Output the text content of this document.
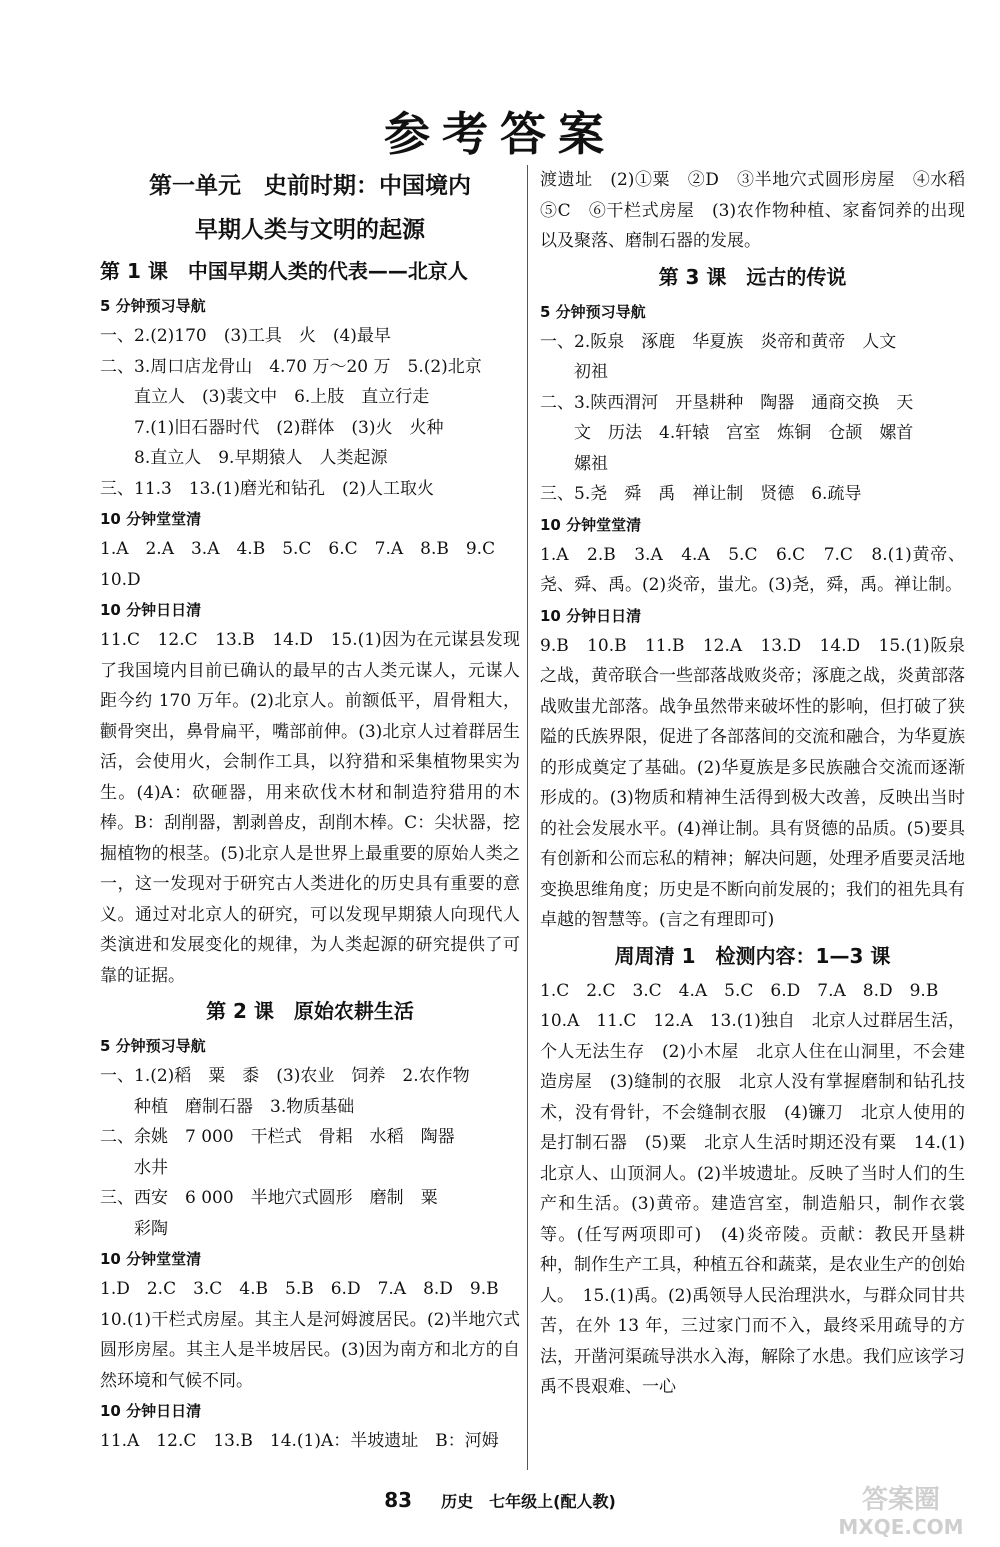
参考答案
第一单元　史前时期：中国境内
早期人类与文明的起源
第 1 课　中国早期人类的代表——北京人
5 分钟预习导航
一、2.(2)170　(3)工具　火　(4)最早
二、3.周口店龙骨山　4.70 万～20 万　5.(2)北京
　　直立人　(3)裴文中　6.上肢　直立行走
　　7.(1)旧石器时代　(2)群体　(3)火　火种
　　8.直立人　9.早期猿人　人类起源
三、11.3　13.(1)磨光和钻孔　(2)人工取火
10 分钟堂堂清
1.A　2.A　3.A　4.B　5.C　6.C　7.A　8.B　9.C
10.D
10 分钟日日清
11.C　12.C　13.B　14.D　15.(1)因为在元谋县发现了我国境内目前已确认的最早的古人类元谋人，元谋人距今约 170 万年。(2)北京人。前额低平，眉骨粗大，颧骨突出，鼻骨扁平，嘴部前伸。(3)北京人过着群居生活，会使用火，会制作工具，以狩猎和采集植物果实为生。(4)A：砍砸器，用来砍伐木材和制造狩猎用的木棒。B：刮削器，割剥兽皮，刮削木棒。C：尖状器，挖掘植物的根茎。(5)北京人是世界上最重要的原始人类之一，这一发现对于研究古人类进化的历史具有重要的意义。通过对北京人的研究，可以发现早期猿人向现代人类演进和发展变化的规律，为人类起源的研究提供了可靠的证据。
第 2 课　原始农耕生活
5 分钟预习导航
一、1.(2)稻　粟　黍　(3)农业　饲养　2.农作物
　　种植　磨制石器　3.物质基础
二、余姚　7 000　干栏式　骨耜　水稻　陶器
　　水井
三、西安　6 000　半地穴式圆形　磨制　粟
　　彩陶
10 分钟堂堂清
1.D　2.C　3.C　4.B　5.B　6.D　7.A　8.D　9.B
10.(1)干栏式房屋。其主人是河姆渡居民。(2)半地穴式圆形房屋。其主人是半坡居民。(3)因为南方和北方的自然环境和气候不同。
10 分钟日日清
11.A　12.C　13.B　14.(1)A：半坡遗址　B：河姆
渡遗址　(2)①粟　②D　③半地穴式圆形房屋　④水稻　⑤C　⑥干栏式房屋　(3)农作物种植、家畜饲养的出现以及聚落、磨制石器的发展。
第 3 课　远古的传说
5 分钟预习导航
一、2.阪泉　涿鹿　华夏族　炎帝和黄帝　人文
　　初祖
二、3.陕西渭河　开垦耕种　陶器　通商交换　天
　　文　历法　4.轩辕　宫室　炼铜　仓颉　嫘首
　　嫘祖
三、5.尧　舜　禹　禅让制　贤德　6.疏导
10 分钟堂堂清
1.A　2.B　3.A　4.A　5.C　6.C　7.C　8.(1)黄帝、尧、舜、禹。(2)炎帝，蚩尤。(3)尧，舜，禹。禅让制。
10 分钟日日清
9.B　10.B　11.B　12.A　13.D　14.D　15.(1)阪泉之战，黄帝联合一些部落战败炎帝；涿鹿之战，炎黄部落战败蚩尤部落。战争虽然带来破坏性的影响，但打破了狭隘的氏族界限，促进了各部落间的交流和融合，为华夏族的形成奠定了基础。(2)华夏族是多民族融合交流而逐渐形成的。(3)物质和精神生活得到极大改善，反映出当时的社会发展水平。(4)禅让制。具有贤德的品质。(5)要具有创新和公而忘私的精神；解决问题，处理矛盾要灵活地变换思维角度；历史是不断向前发展的；我们的祖先具有卓越的智慧等。(言之有理即可)
周周清 1　检测内容：1—3 课
1.C　2.C　3.C　4.A　5.C　6.D　7.A　8.D　9.B
10.A　11.C　12.A　13.(1)独自　北京人过群居生活，个人无法生存　(2)小木屋　北京人住在山洞里，不会建造房屋　(3)缝制的衣服　北京人没有掌握磨制和钻孔技术，没有骨针，不会缝制衣服　(4)镰刀　北京人使用的是打制石器　(5)粟　北京人生活时期还没有粟　14.(1)北京人、山顶洞人。(2)半坡遗址。反映了当时人们的生产和生活。(3)黄帝。建造宫室，制造船只，制作衣裳等。(任写两项即可)　(4)炎帝陵。贡献：教民开垦耕种，制作生产工具，种植五谷和蔬菜，是农业生产的创始人。　15.(1)禹。(2)禹领导人民治理洪水，与群众同甘共苦，在外 13 年，三过家门而不入，最终采用疏导的方法，开凿河渠疏导洪水入海，解除了水患。我们应该学习禹不畏艰难、一心
83 历史　七年级上(配人教)	答案圈
MXQE.COM
